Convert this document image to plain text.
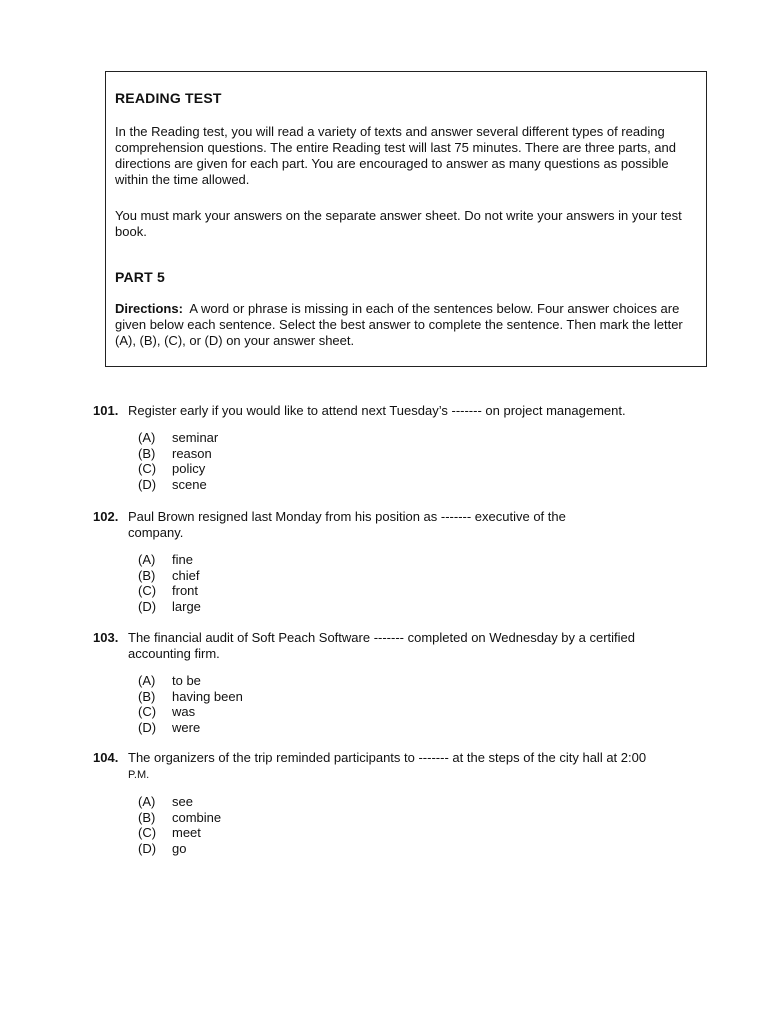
READING TEST

In the Reading test, you will read a variety of texts and answer several different types of reading comprehension questions. The entire Reading test will last 75 minutes. There are three parts, and directions are given for each part. You are encouraged to answer as many questions as possible within the time allowed.

You must mark your answers on the separate answer sheet. Do not write your answers in your test book.

PART 5

Directions: A word or phrase is missing in each of the sentences below. Four answer choices are given below each sentence. Select the best answer to complete the sentence. Then mark the letter (A), (B), (C), or (D) on your answer sheet.

101. Register early if you would like to attend next Tuesday’s ------- on project management.
(A)	seminar
(B)	reason
(C)	policy
(D)	scene
102. Paul Brown resigned last Monday from his position as ------- executive of the company.
(A)	fine
(B)	chief
(C)	front
(D)	large
103. The financial audit of Soft Peach Software ------- completed on Wednesday by a certified accounting firm.
(A)	to be
(B)	having been
(C)	was
(D)	were
104. The organizers of the trip reminded participants to ------- at the steps of the city hall at 2:00 P.M.
(A)	see
(B)	combine
(C)	meet
(D)	go
